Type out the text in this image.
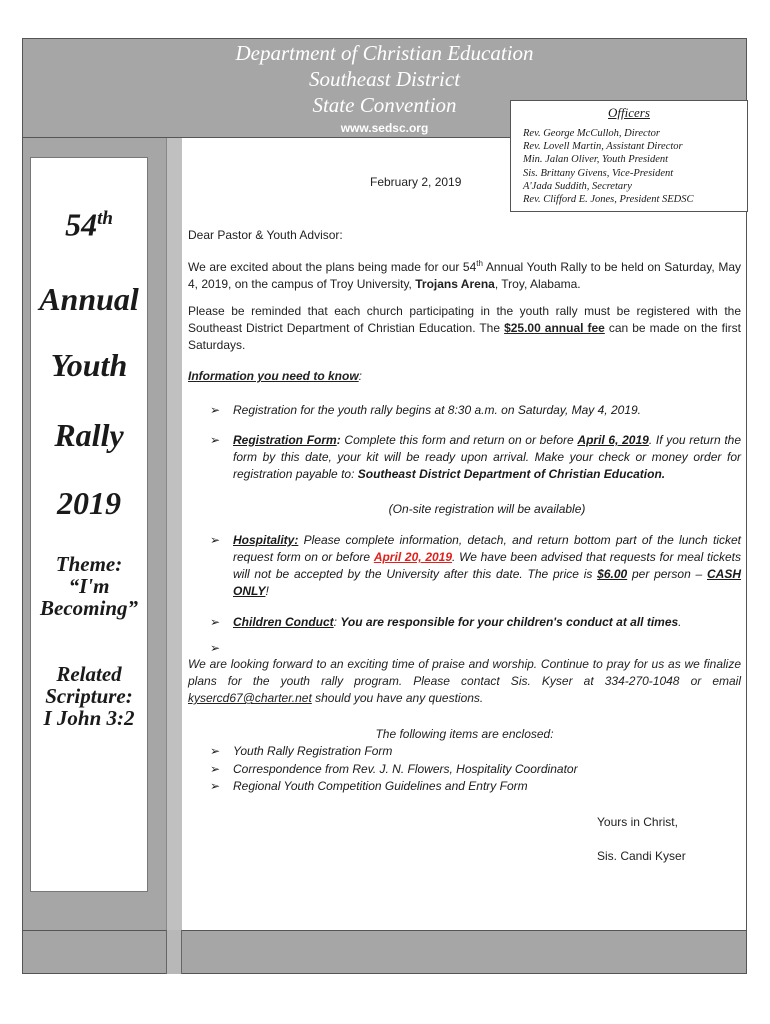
Department of Christian Education
Southeast District
State Convention
www.sedsc.org
Officers
Rev. George McCulloh, Director
Rev. Lovell Martin, Assistant Director
Min. Jalan Oliver, Youth President
Sis. Brittany Givens, Vice-President
A'Jada Suddith, Secretary
Rev. Clifford E. Jones, President SEDSC
54th
Annual
Youth
Rally
2019
Theme:
“I'm
Becoming”
Related
Scripture:
I John 3:2
February 2, 2019
Dear Pastor & Youth Advisor:
We are excited about the plans being made for our 54th Annual Youth Rally to be held on Saturday, May 4, 2019, on the campus of Troy University, Trojans Arena, Troy, Alabama.
Please be reminded that each church participating in the youth rally must be registered with the Southeast District Department of Christian Education. The $25.00 annual fee can be made on the first Saturdays.
Information you need to know:
➢ Registration for the youth rally begins at 8:30 a.m. on Saturday, May 4, 2019.
➢ Registration Form: Complete this form and return on or before April 6, 2019. If you return the form by this date, your kit will be ready upon arrival. Make your check or money order for registration payable to: Southeast District Department of Christian Education.
(On-site registration will be available)
➢ Hospitality: Please complete information, detach, and return bottom part of the lunch ticket request form on or before April 20, 2019. We have been advised that requests for meal tickets will not be accepted by the University after this date. The price is $6.00 per person – CASH ONLY!
➢ Children Conduct: You are responsible for your children's conduct at all times.
➢
We are looking forward to an exciting time of praise and worship. Continue to pray for us as we finalize plans for the youth rally program. Please contact Sis. Kyser at 334-270-1048 or email kysercd67@charter.net should you have any questions.
The following items are enclosed:
➢ Youth Rally Registration Form
➢ Correspondence from Rev. J. N. Flowers, Hospitality Coordinator
➢ Regional Youth Competition Guidelines and Entry Form
Yours in Christ,
Sis. Candi Kyser
